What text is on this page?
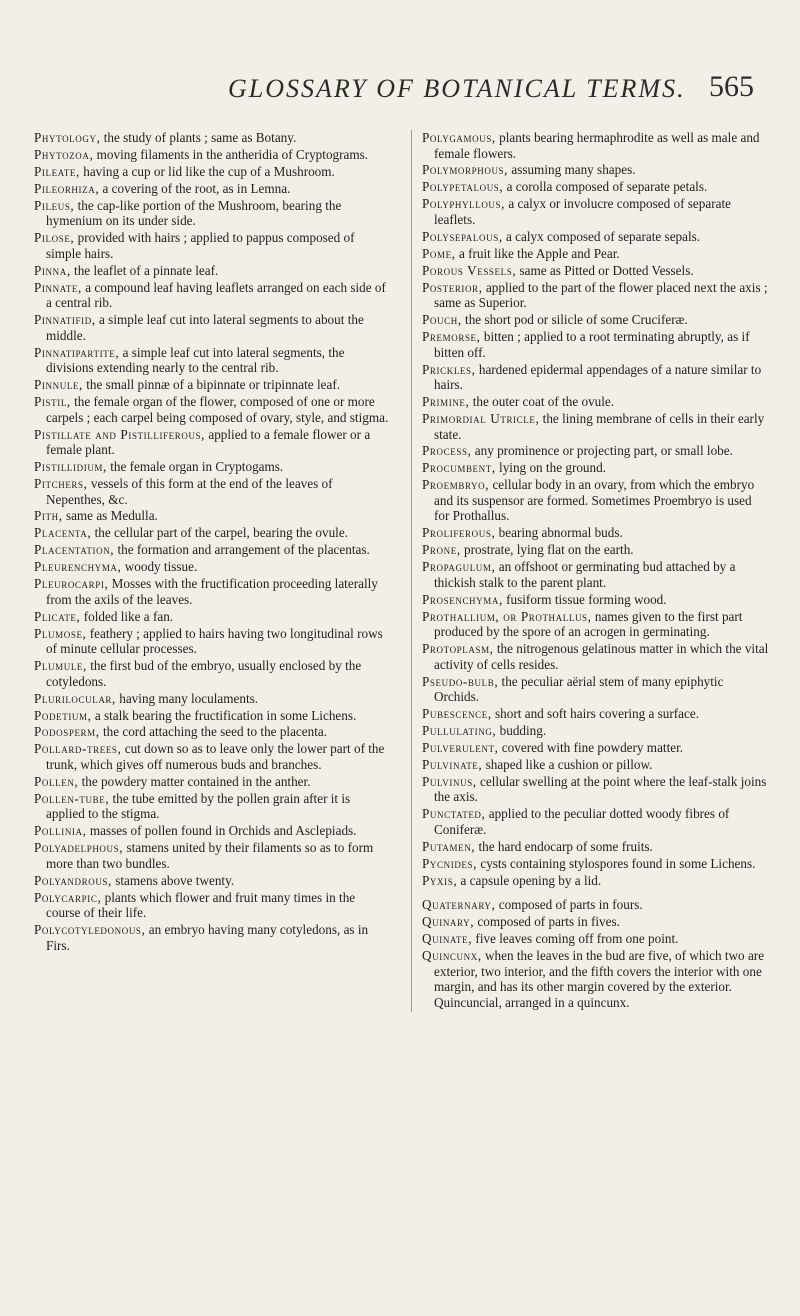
GLOSSARY OF BOTANICAL TERMS. 565

Phytology, the study of plants ; same as Botany.

Phytozoa, moving filaments in the antheridia of Cryptograms.

Pileate, having a cup or lid like the cup of a Mushroom.

Pileorhiza, a covering of the root, as in Lemna.

Pileus, the cap-like portion of the Mushroom, bearing the hymenium on its under side.

Pilose, provided with hairs ; applied to pappus composed of simple hairs.

Pinna, the leaflet of a pinnate leaf.

Pinnate, a compound leaf having leaflets arranged on each side of a central rib.

Pinnatifid, a simple leaf cut into lateral segments to about the middle.

Pinnatipartite, a simple leaf cut into lateral segments, the divisions extending nearly to the central rib.

Pinnule, the small pinnæ of a bipinnate or tripinnate leaf.

Pistil, the female organ of the flower, composed of one or more carpels ; each carpel being composed of ovary, style, and stigma.

Pistillate and Pistilliferous, applied to a female flower or a female plant.

Pistillidium, the female organ in Cryptogams.

Pitchers, vessels of this form at the end of the leaves of Nepenthes, &c.

Pith, same as Medulla.

Placenta, the cellular part of the carpel, bearing the ovule.

Placentation, the formation and arrangement of the placentas.

Pleurenchyma, woody tissue.

Pleurocarpi, Mosses with the fructification proceeding laterally from the axils of the leaves.

Plicate, folded like a fan.

Plumose, feathery ; applied to hairs having two longitudinal rows of minute cellular processes.

Plumule, the first bud of the embryo, usually enclosed by the cotyledons.

Plurilocular, having many loculaments.

Podetium, a stalk bearing the fructification in some Lichens.

Podosperm, the cord attaching the seed to the placenta.

Pollard-trees, cut down so as to leave only the lower part of the trunk, which gives off numerous buds and branches.

Pollen, the powdery matter contained in the anther.

Pollen-tube, the tube emitted by the pollen grain after it is applied to the stigma.

Pollinia, masses of pollen found in Orchids and Asclepiads.

Polyadelphous, stamens united by their filaments so as to form more than two bundles.

Polyandrous, stamens above twenty.

Polycarpic, plants which flower and fruit many times in the course of their life.

Polycotyledonous, an embryo having many cotyledons, as in Firs.

Polygamous, plants bearing hermaphrodite as well as male and female flowers.

Polymorphous, assuming many shapes.

Polypetalous, a corolla composed of separate petals.

Polyphyllous, a calyx or involucre composed of separate leaflets.

Polysepalous, a calyx composed of separate sepals.

Pome, a fruit like the Apple and Pear.

Porous Vessels, same as Pitted or Dotted Vessels.

Posterior, applied to the part of the flower placed next the axis ; same as Superior.

Pouch, the short pod or silicle of some Cruciferæ.

Premorse, bitten ; applied to a root terminating abruptly, as if bitten off.

Prickles, hardened epidermal appendages of a nature similar to hairs.

Primine, the outer coat of the ovule.

Primordial Utricle, the lining membrane of cells in their early state.

Process, any prominence or projecting part, or small lobe.

Procumbent, lying on the ground.

Proembryo, cellular body in an ovary, from which the embryo and its suspensor are formed. Sometimes Proembryo is used for Prothallus.

Proliferous, bearing abnormal buds.

Prone, prostrate, lying flat on the earth.

Propagulum, an offshoot or germinating bud attached by a thickish stalk to the parent plant.

Prosenchyma, fusiform tissue forming wood.

Prothallium, or Prothallus, names given to the first part produced by the spore of an acrogen in germinating.

Protoplasm, the nitrogenous gelatinous matter in which the vital activity of cells resides.

Pseudo-bulb, the peculiar aërial stem of many epiphytic Orchids.

Pubescence, short and soft hairs covering a surface.

Pullulating, budding.

Pulverulent, covered with fine powdery matter.

Pulvinate, shaped like a cushion or pillow.

Pulvinus, cellular swelling at the point where the leaf-stalk joins the axis.

Punctated, applied to the peculiar dotted woody fibres of Coniferæ.

Putamen, the hard endocarp of some fruits.

Pycnides, cysts containing stylospores found in some Lichens.

Pyxis, a capsule opening by a lid.

Quaternary, composed of parts in fours.

Quinary, composed of parts in fives.

Quinate, five leaves coming off from one point.

Quincunx, when the leaves in the bud are five, of which two are exterior, two interior, and the fifth covers the interior with one margin, and has its other margin covered by the exterior. Quincuncial, arranged in a quincunx.
